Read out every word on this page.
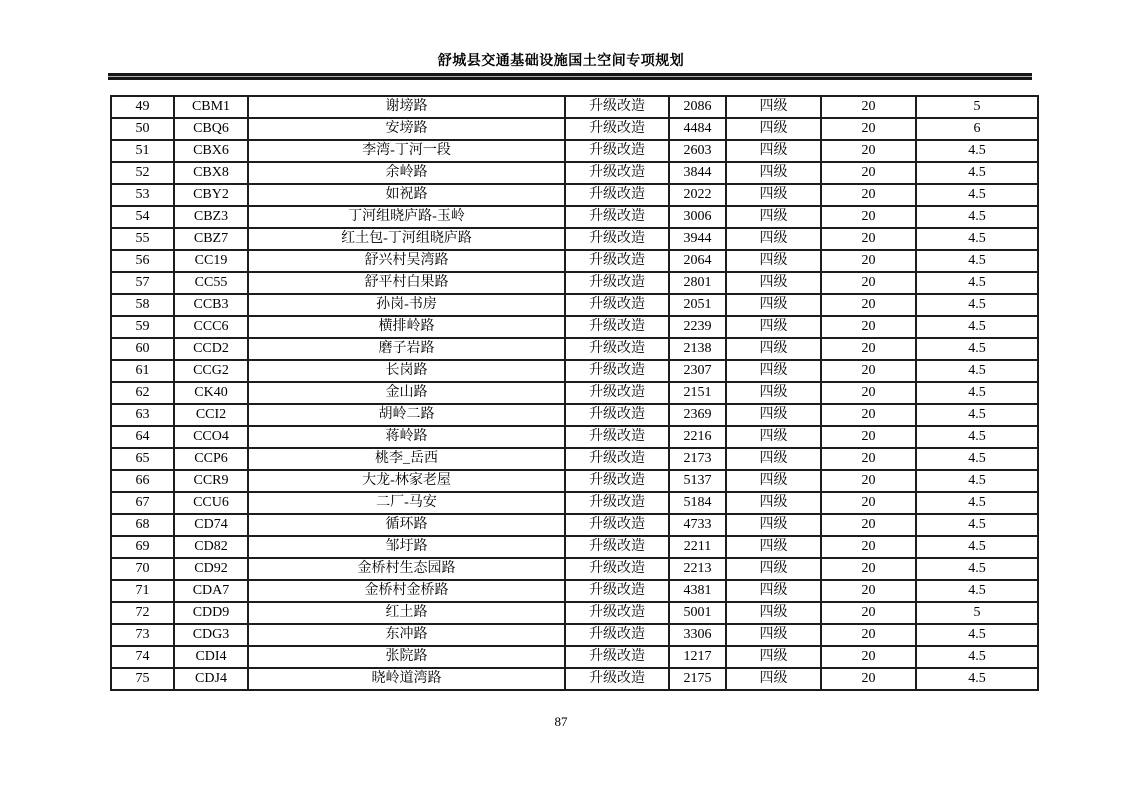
舒城县交通基础设施国土空间专项规划
49	CBM1	谢塝路	升级改造	2086	四级	20	5
50	CBQ6	安塝路	升级改造	4484	四级	20	6
51	CBX6	李湾-丁河一段	升级改造	2603	四级	20	4.5
52	CBX8	余岭路	升级改造	3844	四级	20	4.5
53	CBY2	如祝路	升级改造	2022	四级	20	4.5
54	CBZ3	丁河组晓庐路-玉岭	升级改造	3006	四级	20	4.5
55	CBZ7	红土包-丁河组晓庐路	升级改造	3944	四级	20	4.5
56	CC19	舒兴村吴湾路	升级改造	2064	四级	20	4.5
57	CC55	舒平村白果路	升级改造	2801	四级	20	4.5
58	CCB3	孙岗-书房	升级改造	2051	四级	20	4.5
59	CCC6	横排岭路	升级改造	2239	四级	20	4.5
60	CCD2	磨子岩路	升级改造	2138	四级	20	4.5
61	CCG2	长岗路	升级改造	2307	四级	20	4.5
62	CK40	金山路	升级改造	2151	四级	20	4.5
63	CCI2	胡岭二路	升级改造	2369	四级	20	4.5
64	CCO4	蒋岭路	升级改造	2216	四级	20	4.5
65	CCP6	桃李_岳西	升级改造	2173	四级	20	4.5
66	CCR9	大龙-林家老屋	升级改造	5137	四级	20	4.5
67	CCU6	二厂-马安	升级改造	5184	四级	20	4.5
68	CD74	循环路	升级改造	4733	四级	20	4.5
69	CD82	邹圩路	升级改造	2211	四级	20	4.5
70	CD92	金桥村生态园路	升级改造	2213	四级	20	4.5
71	CDA7	金桥村金桥路	升级改造	4381	四级	20	4.5
72	CDD9	红土路	升级改造	5001	四级	20	5
73	CDG3	东冲路	升级改造	3306	四级	20	4.5
74	CDI4	张院路	升级改造	1217	四级	20	4.5
75	CDJ4	晓岭道湾路	升级改造	2175	四级	20	4.5
87
